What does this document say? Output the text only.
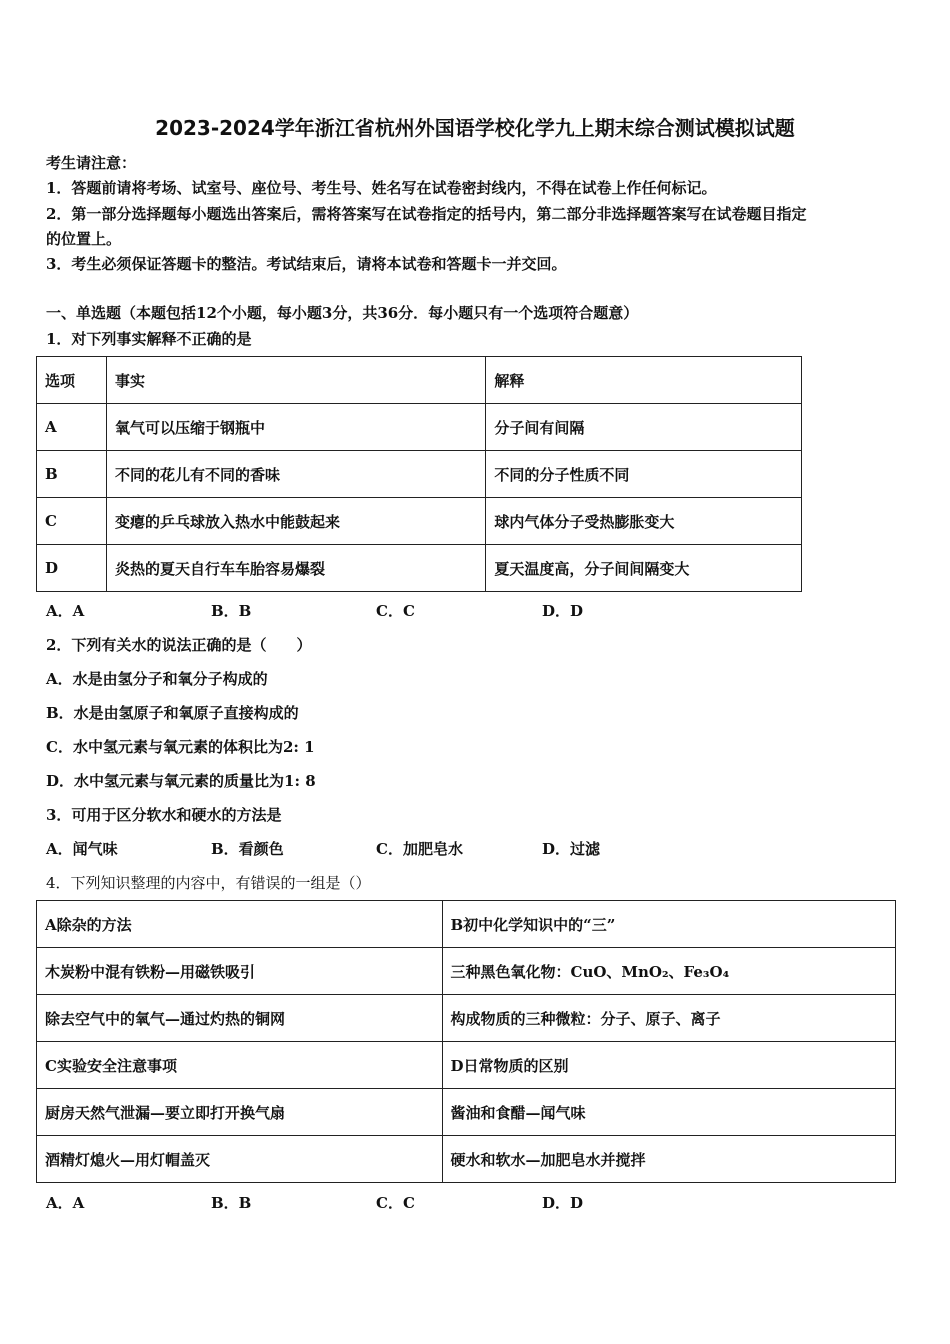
2023-2024学年浙江省杭州外国语学校化学九上期末综合测试模拟试题
考生请注意：
1．答题前请将考场、试室号、座位号、考生号、姓名写在试卷密封线内，不得在试卷上作任何标记。
2．第一部分选择题每小题选出答案后，需将答案写在试卷指定的括号内，第二部分非选择题答案写在试卷题目指定
的位置上。
3．考生必须保证答题卡的整洁。考试结束后，请将本试卷和答题卡一并交回。
一、单选题（本题包括12个小题，每小题3分，共36分．每小题只有一个选项符合题意）
1．对下列事实解释不正确的是
选项	事实	解释
A	氧气可以压缩于钢瓶中	分子间有间隔
B	不同的花儿有不同的香味	不同的分子性质不同
C	变瘪的乒乓球放入热水中能鼓起来	球内气体分子受热膨胀变大
D	炎热的夏天自行车车胎容易爆裂	夏天温度高，分子间间隔变大
A．A	B．B	C．C	D．D
2．下列有关水的说法正确的是（　　）
A．水是由氢分子和氧分子构成的
B．水是由氢原子和氧原子直接构成的
C．水中氢元素与氧元素的体积比为2: 1
D．水中氢元素与氧元素的质量比为1: 8
3．可用于区分软水和硬水的方法是
A．闻气味	B．看颜色	C．加肥皂水	D．过滤
4．下列知识整理的内容中，有错误的一组是（）
A除杂的方法	B初中化学知识中的“三”
木炭粉中混有铁粉—用磁铁吸引	三种黑色氧化物：CuO、MnO₂、Fe₃O₄
除去空气中的氧气—通过灼热的铜网	构成物质的三种微粒：分子、原子、离子
C实验安全注意事项	D日常物质的区别
厨房天然气泄漏—要立即打开换气扇	酱油和食醋—闻气味
酒精灯熄火—用灯帽盖灭	硬水和软水—加肥皂水并搅拌
A．A	B．B	C．C	D．D
